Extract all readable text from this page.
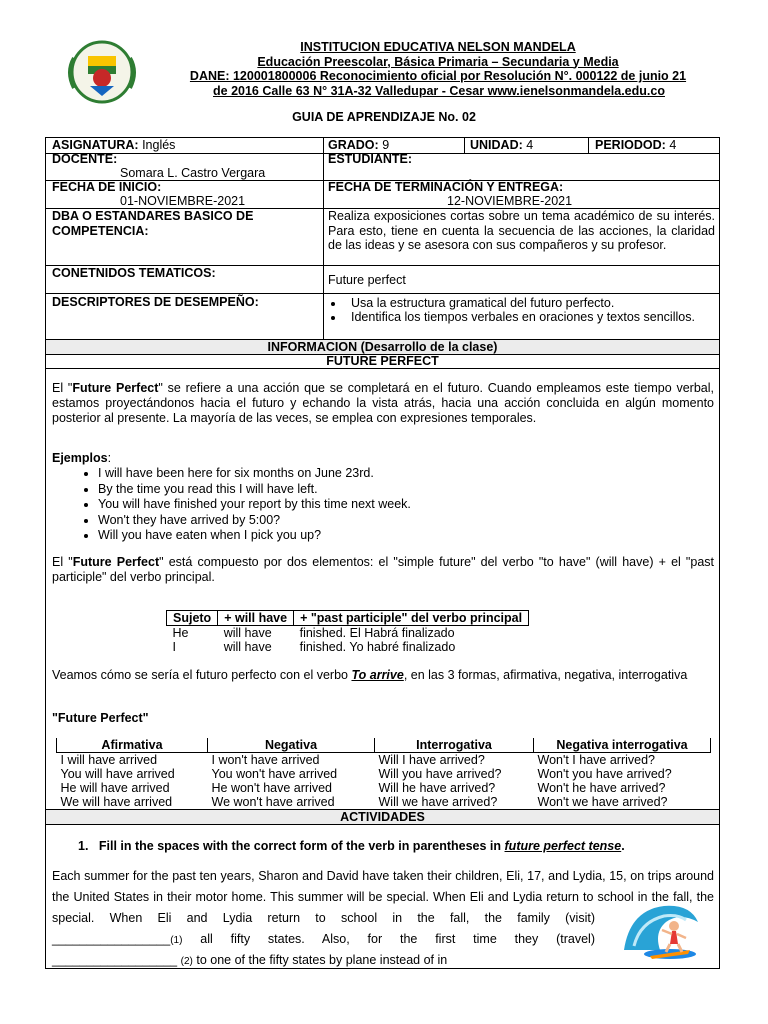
INSTITUCION EDUCATIVA NELSON MANDELA
Educación Preescolar, Básica Primaria – Secundaria y Media
DANE: 120001800006 Reconocimiento oficial por Resolución N°. 000122 de junio 21
de 2016 Calle 63 N° 31A-32 Valledupar - Cesar www.ienelsonmandela.edu.co
GUIA DE APRENDIZAJE No. 02
ASIGNATURA: Inglés	GRADO: 9	UNIDAD: 4	PERIODOD: 4
DOCENTE:
Somara L. Castro Vergara
ESTUDIANTE:
FECHA DE INICIO:
01-NOVIEMBRE-2021
FECHA DE TERMINACIÓN Y ENTREGA:
12-NOVIEMBRE-2021
DBA O ESTANDARES BASICO DE COMPETENCIA:
Realiza exposiciones cortas sobre un tema académico de su interés. Para esto, tiene en cuenta la secuencia de las acciones, la claridad de las ideas y se asesora con sus compañeros y su profesor.
CONETNIDOS TEMATICOS:	Future perfect
DESCRIPTORES DE DESEMPEÑO:	• Usa la estructura gramatical del futuro perfecto.
• Identifica los tiempos verbales en oraciones y textos sencillos.
INFORMACION (Desarrollo de la clase)
FUTURE PERFECT
El "Future Perfect" se refiere a una acción que se completará en el futuro. Cuando empleamos este tiempo verbal, estamos proyectándonos hacia el futuro y echando la vista atrás, hacia una acción concluida en algún momento posterior al presente. La mayoría de las veces, se emplea con expresiones temporales.
Ejemplos:
• I will have been here for six months on June 23rd.
• By the time you read this I will have left.
• You will have finished your report by this time next week.
• Won't they have arrived by 5:00?
• Will you have eaten when I pick you up?
El "Future Perfect" está compuesto por dos elementos: el "simple future" del verbo "to have" (will have) + el "past participle" del verbo principal.
Sujeto	+ will have	+ "past participle" del verbo principal
He	will have	finished. El Habrá finalizado
I	will have	finished. Yo habré finalizado
Veamos cómo se sería el futuro perfecto con el verbo To arrive, en las 3 formas, afirmativa, negativa, interrogativa
"Future Perfect"
Afirmativa	Negativa	Interrogativa	Negativa interrogativa
I will have arrived	I won't have arrived	Will I have arrived?	Won't I have arrived?
You will have arrived	You won't have arrived	Will you have arrived?	Won't you have arrived?
He will have arrived	He won't have arrived	Will he have arrived?	Won't he have arrived?
We will have arrived	We won't have arrived	Will we have arrived?	Won't we have arrived?
ACTIVIDADES
1. Fill in the spaces with the correct form of the verb in parentheses in future perfect tense.
Each summer for the past ten years, Sharon and David have taken their children, Eli, 17, and Lydia, 15, on trips around the United States in their motor home. This summer will be special. When Eli and Lydia return to school in the fall, the
special. When Eli and Lydia return to school in the fall, the family (visit)
_________________(1) all fifty states. Also, for the first time they (travel)
__________________ (2) to one of the fifty states by plane instead of in
